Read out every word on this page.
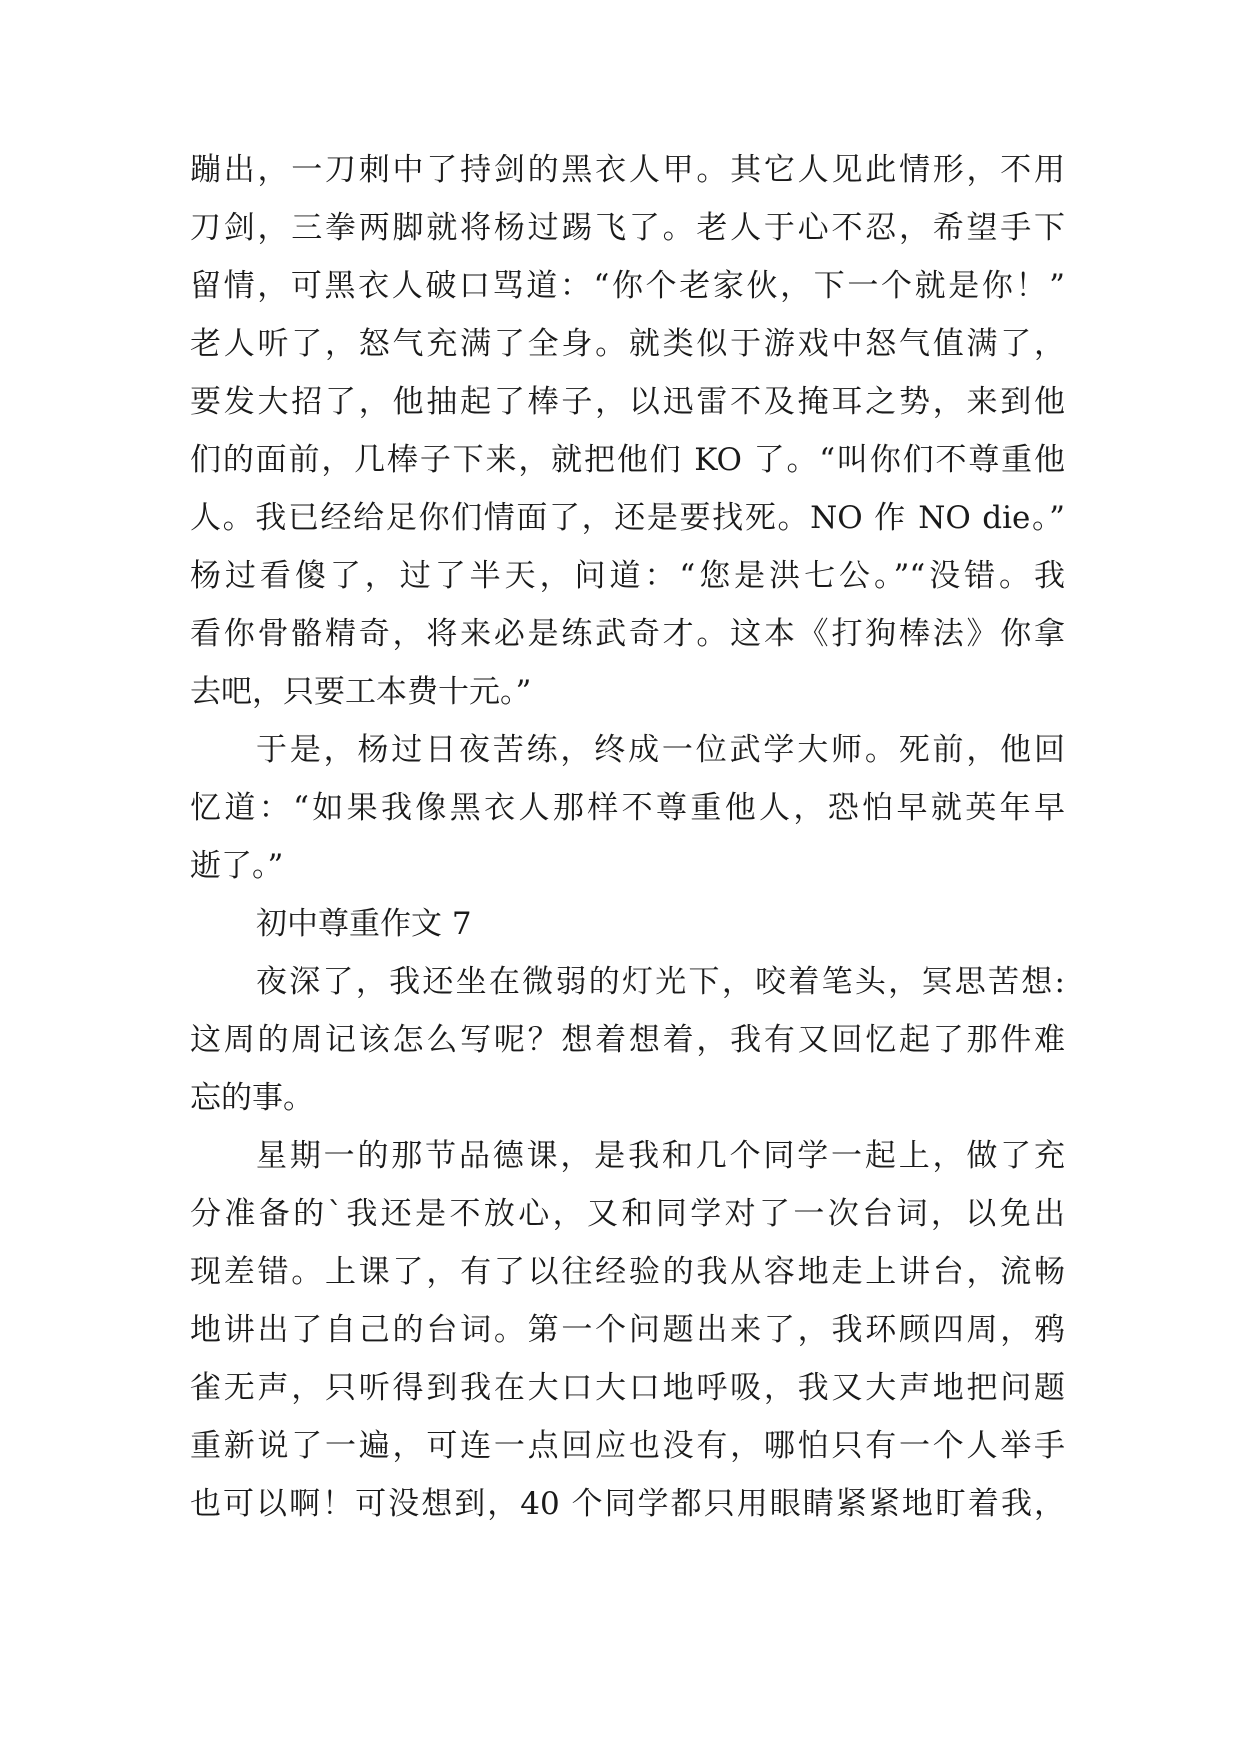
蹦出，一刀刺中了持剑的黑衣人甲。其它人见此情形，不用
刀剑，三拳两脚就将杨过踢飞了。老人于心不忍，希望手下
留情，可黑衣人破口骂道：“你个老家伙，下一个就是你！”
老人听了，怒气充满了全身。就类似于游戏中怒气值满了，
要发大招了，他抽起了棒子，以迅雷不及掩耳之势，来到他
们的面前，几棒子下来，就把他们 KO 了。“叫你们不尊重他
人。我已经给足你们情面了，还是要找死。NO 作 NO die。”
杨过看傻了，过了半天，问道：“您是洪七公。”“没错。我
看你骨骼精奇，将来必是练武奇才。这本《打狗棒法》你拿
去吧，只要工本费十元。”
于是，杨过日夜苦练，终成一位武学大师。死前，他回
忆道：“如果我像黑衣人那样不尊重他人，恐怕早就英年早
逝了。”
初中尊重作文 7
夜深了，我还坐在微弱的灯光下，咬着笔头，冥思苦想:
这周的周记该怎么写呢？想着想着，我有又回忆起了那件难
忘的事。
星期一的那节品德课，是我和几个同学一起上，做了充
分准备的`我还是不放心，又和同学对了一次台词，以免出
现差错。上课了，有了以往经验的我从容地走上讲台，流畅
地讲出了自己的台词。第一个问题出来了，我环顾四周，鸦
雀无声，只听得到我在大口大口地呼吸，我又大声地把问题
重新说了一遍，可连一点回应也没有，哪怕只有一个人举手
也可以啊！可没想到，40 个同学都只用眼睛紧紧地盯着我，
